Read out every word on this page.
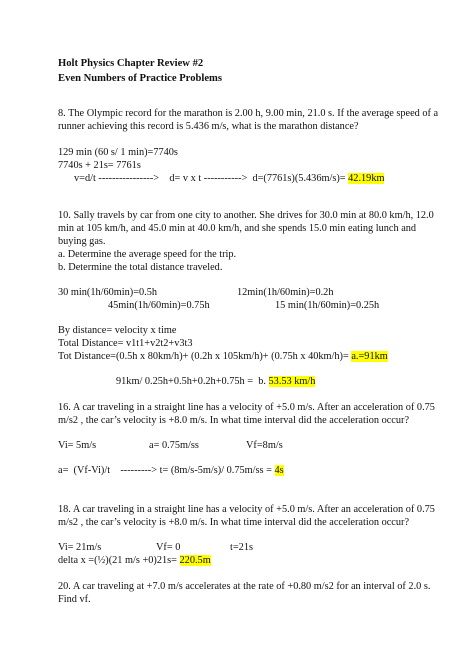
Holt Physics Chapter Review #2
Even Numbers of Practice Problems
8. The Olympic record for the marathon is 2.00 h, 9.00 min, 21.0 s. If the average speed of a
runner achieving this record is 5.436 m/s, what is the marathon distance?
129 min (60 s/ 1 min)=7740s
7740s + 21s= 7761s
v=d/t ---------------->    d= v x t ----------->  d=(7761s)(5.436m/s)= 42.19km
10. Sally travels by car from one city to another. She drives for 30.0 min at 80.0 km/h, 12.0
min at 105 km/h, and 45.0 min at 40.0 km/h, and she spends 15.0 min eating lunch and
buying gas.
a. Determine the average speed for the trip.
b. Determine the total distance traveled.
30 min(1h/60min)=0.5h	12min(1h/60min)=0.2h
45min(1h/60min)=0.75h	15 min(1h/60min)=0.25h
By distance= velocity x time
Total Distance= v1t1+v2t2+v3t3
Tot Distance=(0.5h x 80km/h)+ (0.2h x 105km/h)+ (0.75h x 40km/h)= a.=91km
91km/ 0.25h+0.5h+0.2h+0.75h =  b. 53.53 km/h
16. A car traveling in a straight line has a velocity of +5.0 m/s. After an acceleration of 0.75
m/s2 , the car’s velocity is +8.0 m/s. In what time interval did the acceleration occur?
Vi= 5m/s	a= 0.75m/ss	Vf=8m/s
a=  (Vf-Vi)/t    ---------> t= (8m/s-5m/s)/ 0.75m/ss = 4s
18. A car traveling in a straight line has a velocity of +5.0 m/s. After an acceleration of 0.75
m/s2 , the car’s velocity is +8.0 m/s. In what time interval did the acceleration occur?
Vi= 21m/s	Vf= 0	t=21s
delta x =(½)(21 m/s +0)21s= 220.5m
20. A car traveling at +7.0 m/s accelerates at the rate of +0.80 m/s2 for an interval of 2.0 s.
Find vf.
